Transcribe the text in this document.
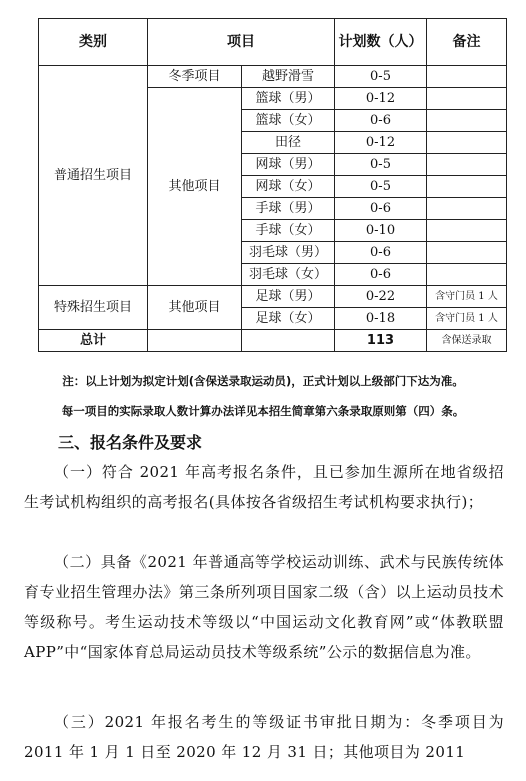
类别	项目		计划数（人）	备注
普通招生项目	冬季项目	越野滑雪	0-5	
	其他项目	篮球（男）	0-12	
		篮球（女）	0-6	
		田径	0-12	
		网球（男）	0-5	
		网球（女）	0-5	
		手球（男）	0-6	
		手球（女）	0-10	
		羽毛球（男）	0-6	
		羽毛球（女）	0-6	
特殊招生项目	其他项目	足球（男）	0-22	含守门员 1 人
		足球（女）	0-18	含守门员 1 人
总计			113	含保送录取
注：以上计划为拟定计划(含保送录取运动员)，正式计划以上级部门下达为准。
每一项目的实际录取人数计算办法详见本招生简章第六条录取原则第（四）条。
三、报名条件及要求
（一）符合 2021 年高考报名条件，且已参加生源所在地省级招生考试机构组织的高考报名(具体按各省级招生考试机构要求执行)；
（二）具备《2021 年普通高等学校运动训练、武术与民族传统体育专业招生管理办法》第三条所列项目国家二级（含）以上运动员技术等级称号。考生运动技术等级以“中国运动文化教育网”或“体教联盟 APP”中“国家体育总局运动员技术等级系统”公示的数据信息为准。
（三）2021 年报名考生的等级证书审批日期为：冬季项目为 2011 年 1 月 1 日至 2020 年 12 月 31 日；其他项目为 2011
